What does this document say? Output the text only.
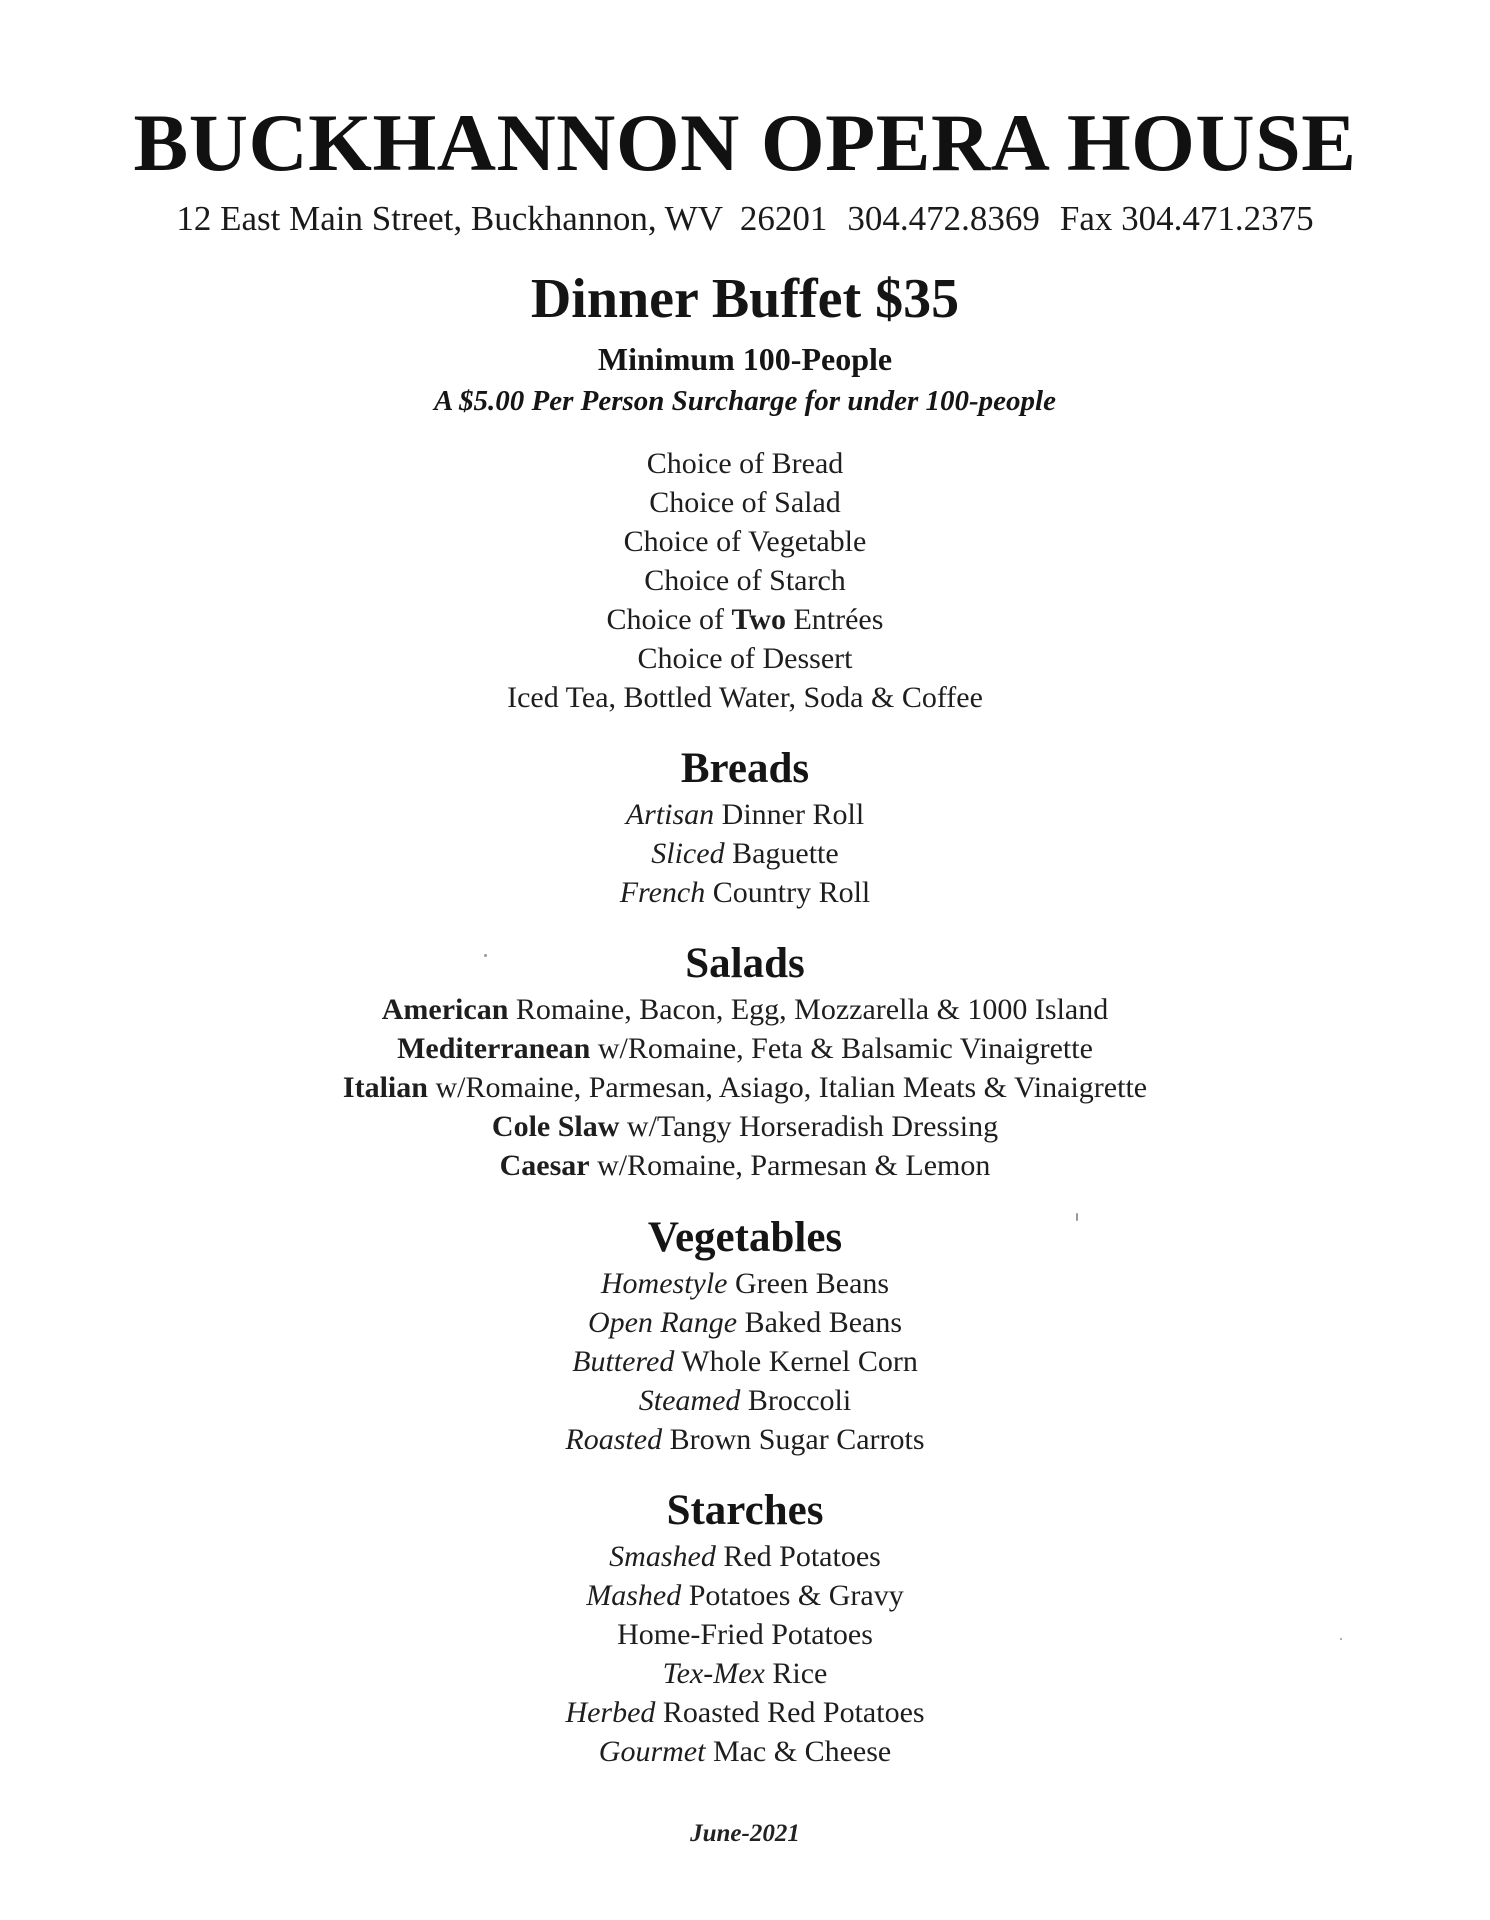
BUCKHANNON OPERA HOUSE
12 East Main Street, Buckhannon, WV  26201 304.472.8369 Fax 304.471.2375
Dinner Buffet $35
Minimum 100-People
A $5.00 Per Person Surcharge for under 100-people
Choice of Bread
Choice of Salad
Choice of Vegetable
Choice of Starch
Choice of Two Entrées
Choice of Dessert
Iced Tea, Bottled Water, Soda & Coffee
Breads
Artisan Dinner Roll
Sliced Baguette
French Country Roll
Salads
American Romaine, Bacon, Egg, Mozzarella & 1000 Island
Mediterranean w/Romaine, Feta & Balsamic Vinaigrette
Italian w/Romaine, Parmesan, Asiago, Italian Meats & Vinaigrette
Cole Slaw w/Tangy Horseradish Dressing
Caesar w/Romaine, Parmesan & Lemon
Vegetables
Homestyle Green Beans
Open Range Baked Beans
Buttered Whole Kernel Corn
Steamed Broccoli
Roasted Brown Sugar Carrots
Starches
Smashed Red Potatoes
Mashed Potatoes & Gravy
Home-Fried Potatoes
Tex-Mex Rice
Herbed Roasted Red Potatoes
Gourmet Mac & Cheese
June-2021
